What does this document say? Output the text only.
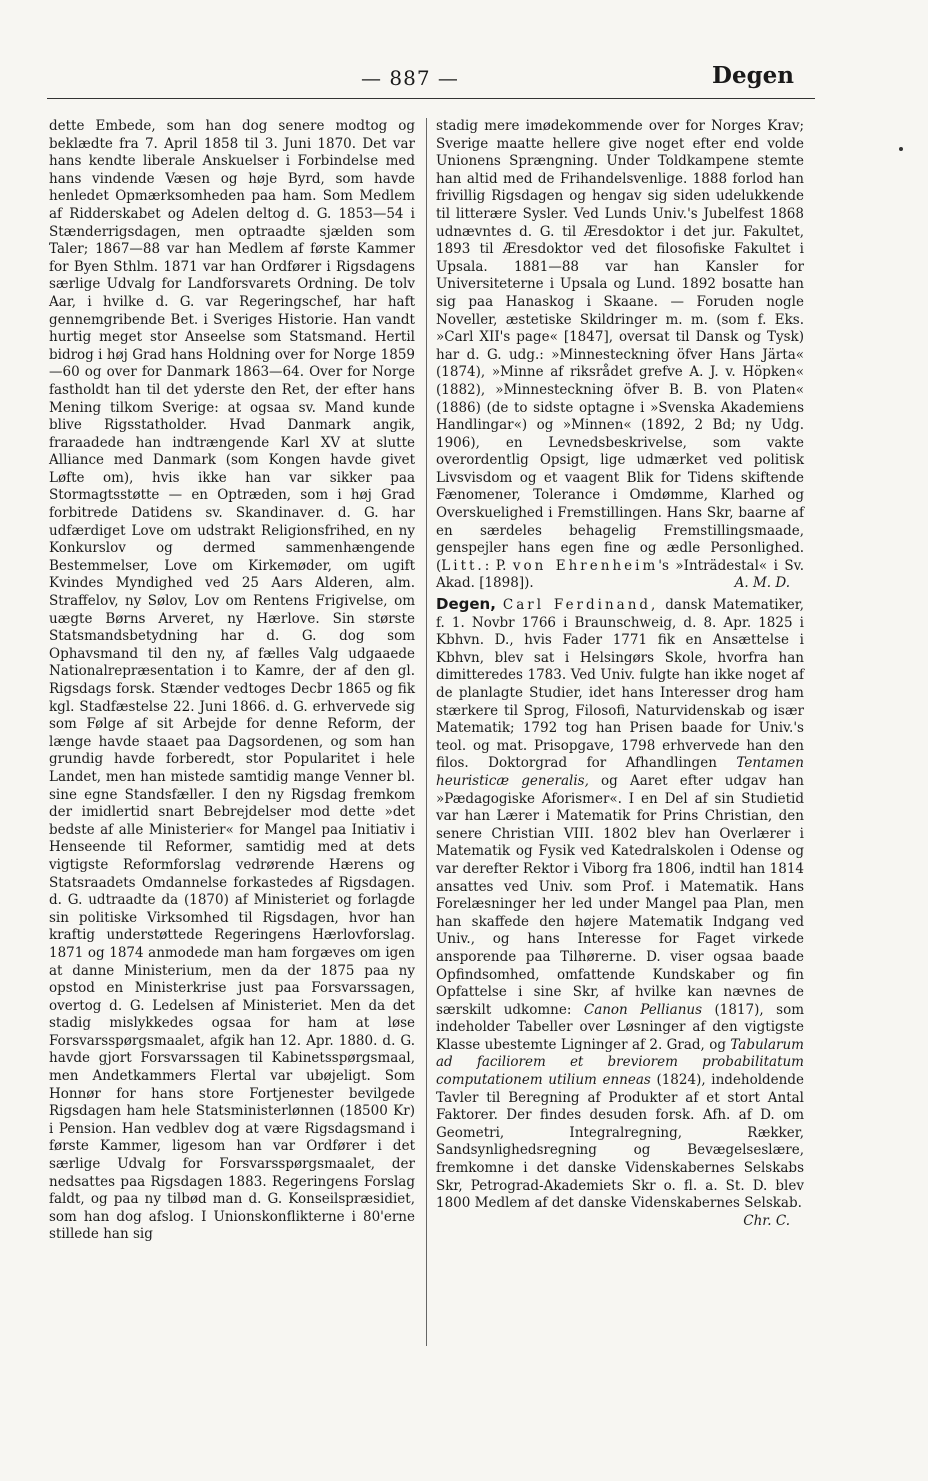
— 887 —	Degen

dette Embede, som han dog senere modtog og beklædte fra 7. April 1858 til 3. Juni 1870. Det var hans kendte liberale Anskuelser i Forbindelse med hans vindende Væsen og høje Byrd, som havde henledet Opmærksomheden paa ham. Som Medlem af Ridderskabet og Adelen deltog d. G. 1853—54 i Stænderrigsdagen, men optraadte sjælden som Taler; 1867—88 var han Medlem af første Kammer for Byen Sthlm. 1871 var han Ordfører i Rigsdagens særlige Udvalg for Landforsvarets Ordning. De tolv Aar, i hvilke d. G. var Regeringschef, har haft gennemgribende Bet. i Sveriges Historie. Han vandt hurtig meget stor Anseelse som Statsmand. Hertil bidrog i høj Grad hans Holdning over for Norge 1859—60 og over for Danmark 1863—64. Over for Norge fastholdt han til det yderste den Ret, der efter hans Mening tilkom Sverige: at ogsaa sv. Mand kunde blive Rigsstatholder. Hvad Danmark angik, fraraadede han indtrængende Karl XV at slutte Alliance med Danmark (som Kongen havde givet Løfte om), hvis ikke han var sikker paa Stormagtsstøtte — en Optræden, som i høj Grad forbitrede Datidens sv. Skandinaver. d. G. har udfærdiget Love om udstrakt Religionsfrihed, en ny Konkurslov og dermed sammenhængende Bestemmelser, Love om Kirkemøder, om ugift Kvindes Myndighed ved 25 Aars Alderen, alm. Straffelov, ny Sølov, Lov om Rentens Frigivelse, om uægte Børns Arveret, ny Hærlove. Sin største Statsmandsbetydning har d. G. dog som Ophavsmand til den ny, af fælles Valg udgaaede Nationalrepræsentation i to Kamre, der af den gl. Rigsdags forsk. Stænder vedtoges Decbr 1865 og fik kgl. Stadfæstelse 22. Juni 1866. d. G. erhvervede sig som Følge af sit Arbejde for denne Reform, der længe havde staaet paa Dagsordenen, og som han grundig havde forberedt, stor Popularitet i hele Landet, men han mistede samtidig mange Venner bl. sine egne Standsfæller. I den ny Rigsdag fremkom der imidlertid snart Bebrejdelser mod dette »det bedste af alle Ministerier« for Mangel paa Initiativ i Henseende til Reformer, samtidig med at dets vigtigste Reformforslag vedrørende Hærens og Statsraadets Omdannelse forkastedes af Rigsdagen. d. G. udtraadte da (1870) af Ministeriet og forlagde sin politiske Virksomhed til Rigsdagen, hvor han kraftig understøttede Regeringens Hærlovforslag. 1871 og 1874 anmodede man ham forgæves om igen at danne Ministerium, men da der 1875 paa ny opstod en Ministerkrise just paa Forsvarssagen, overtog d. G. Ledelsen af Ministeriet. Men da det stadig mislykkedes ogsaa for ham at løse Forsvarsspørgsmaalet, afgik han 12. Apr. 1880. d. G. havde gjort Forsvarssagen til Kabinetsspørgsmaal, men Andetkammers Flertal var ubøjeligt. Som Honnør for hans store Fortjenester bevilgede Rigsdagen ham hele Statsministerlønnen (18500 Kr) i Pension. Han vedblev dog at være Rigsdagsmand i første Kammer, ligesom han var Ordfører i det særlige Udvalg for Forsvarsspørgsmaalet, der nedsattes paa Rigsdagen 1883. Regeringens Forslag faldt, og paa ny tilbød man d. G. Konseilspræsidiet, som han dog afslog. I Unionskonflikterne i 80'erne stillede han sig

stadig mere imødekommende over for Norges Krav; Sverige maatte hellere give noget efter end volde Unionens Sprængning. Under Toldkampene stemte han altid med de Frihandelsvenlige. 1888 forlod han frivillig Rigsdagen og hengav sig siden udelukkende til litterære Sysler. Ved Lunds Univ.'s Jubelfest 1868 udnævntes d. G. til Æresdoktor i det jur. Fakultet, 1893 til Æresdoktor ved det filosofiske Fakultet i Upsala. 1881—88 var han Kansler for Universiteterne i Upsala og Lund. 1892 bosatte han sig paa Hanaskog i Skaane. — Foruden nogle Noveller, æstetiske Skildringer m. m. (som f. Eks. »Carl XII's page« [1847], oversat til Dansk og Tysk) har d. G. udg.: »Minnesteckning öfver Hans Järta« (1874), »Minne af riksrådet grefve A. J. v. Höpken« (1882), »Minnesteckning öfver B. B. von Platen« (1886) (de to sidste optagne i »Svenska Akademiens Handlingar«) og »Minnen« (1892, 2 Bd; ny Udg. 1906), en Levnedsbeskrivelse, som vakte overordentlig Opsigt, lige udmærket ved politisk Livsvisdom og et vaagent Blik for Tidens skiftende Fænomener, Tolerance i Omdømme, Klarhed og Overskuelighed i Fremstillingen. Hans Skr, baarne af en særdeles behagelig Fremstillingsmaade, genspejler hans egen fine og ædle Personlighed. (Litt.: P. von Ehrenheim's »Inträdestal« i Sv. Akad. [1898]).	A. M. D.

Degen, Carl Ferdinand, dansk Matematiker, f. 1. Novbr 1766 i Braunschweig, d. 8. Apr. 1825 i Kbhvn. D., hvis Fader 1771 fik en Ansættelse i Kbhvn, blev sat i Helsingørs Skole, hvorfra han dimitteredes 1783. Ved Univ. fulgte han ikke noget af de planlagte Studier, idet hans Interesser drog ham stærkere til Sprog, Filosofi, Naturvidenskab og især Matematik; 1792 tog han Prisen baade for Univ.'s teol. og mat. Prisopgave, 1798 erhvervede han den filos. Doktorgrad for Afhandlingen Tentamen heuristicæ generalis, og Aaret efter udgav han »Pædagogiske Aforismer«. I en Del af sin Studietid var han Lærer i Matematik for Prins Christian, den senere Christian VIII. 1802 blev han Overlærer i Matematik og Fysik ved Katedralskolen i Odense og var derefter Rektor i Viborg fra 1806, indtil han 1814 ansattes ved Univ. som Prof. i Matematik. Hans Forelæsninger her led under Mangel paa Plan, men han skaffede den højere Matematik Indgang ved Univ., og hans Interesse for Faget virkede ansporende paa Tilhørerne. D. viser ogsaa baade Opfindsomhed, omfattende Kundskaber og fin Opfattelse i sine Skr, af hvilke kan nævnes de særskilt udkomne: Canon Pellianus (1817), som indeholder Tabeller over Løsninger af den vigtigste Klasse ubestemte Ligninger af 2. Grad, og Tabularum ad faciliorem et breviorem probabilitatum computationem utilium enneas (1824), indeholdende Tavler til Beregning af Produkter af et stort Antal Faktorer. Der findes desuden forsk. Afh. af D. om Geometri, Integralregning, Rækker, Sandsynlighedsregning og Bevægelseslære, fremkomne i det danske Videnskabernes Selskabs Skr, Petrograd-Akademiets Skr o. fl. a. St. D. blev 1800 Medlem af det danske Videnskabernes Selskab.
Chr. C.
